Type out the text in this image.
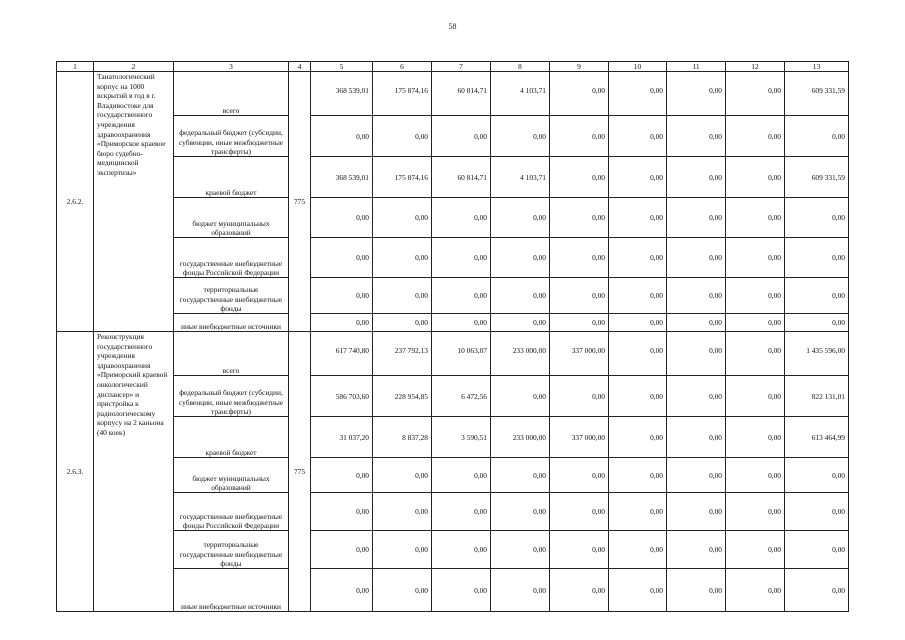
58
1	2	3	4	5	6	7	8	9	10	11	12	13
2.6.2.	Танатологический корпус на 1000 вскрытий в год в г. Владивостоке для государственного учреждения здравоохранения «Приморское краевое бюро судебно-медицинской экспертизы»	всего	775	368 539,01	175 874,16	60 814,71	4 103,71	0,00	0,00	0,00	0,00	609 331,59
		федеральный бюджет (субсидии, субвенции, иные межбюджетные трансферты)		0,00	0,00	0,00	0,00	0,00	0,00	0,00	0,00	0,00
		краевой бюджет		368 539,01	175 874,16	60 814,71	4 103,71	0,00	0,00	0,00	0,00	609 331,59
		бюджет муниципальных образований		0,00	0,00	0,00	0,00	0,00	0,00	0,00	0,00	0,00
		государственные внебюджетные фонды Российской Федерации		0,00	0,00	0,00	0,00	0,00	0,00	0,00	0,00	0,00
		территориальные государственные внебюджетные фонды		0,00	0,00	0,00	0,00	0,00	0,00	0,00	0,00	0,00
		иные внебюджетные источники		0,00	0,00	0,00	0,00	0,00	0,00	0,00	0,00	0,00
2.6.3.	Реконструкция государственного учреждения здравоохранения «Приморский краевой онкологический диспансер» и пристройка к радиологическому корпусу на 2 каньона (40 коек)	всего	775	617 740,80	237 792,13	10 063,07	233 000,00	337 000,00	0,00	0,00	0,00	1 435 596,00
		федеральный бюджет (субсидии, субвенции, иные межбюджетные трансферты)		586 703,60	228 954,85	6 472,56	0,00	0,00	0,00	0,00	0,00	822 131,01
		краевой бюджет		31 037,20	8 837,28	3 590,51	233 000,00	337 000,00	0,00	0,00	0,00	613 464,99
		бюджет муниципальных образований		0,00	0,00	0,00	0,00	0,00	0,00	0,00	0,00	0,00
		государственные внебюджетные фонды Российской Федерации		0,00	0,00	0,00	0,00	0,00	0,00	0,00	0,00	0,00
		территориальные государственные внебюджетные фонды		0,00	0,00	0,00	0,00	0,00	0,00	0,00	0,00	0,00
		иные внебюджетные источники		0,00	0,00	0,00	0,00	0,00	0,00	0,00	0,00	0,00
